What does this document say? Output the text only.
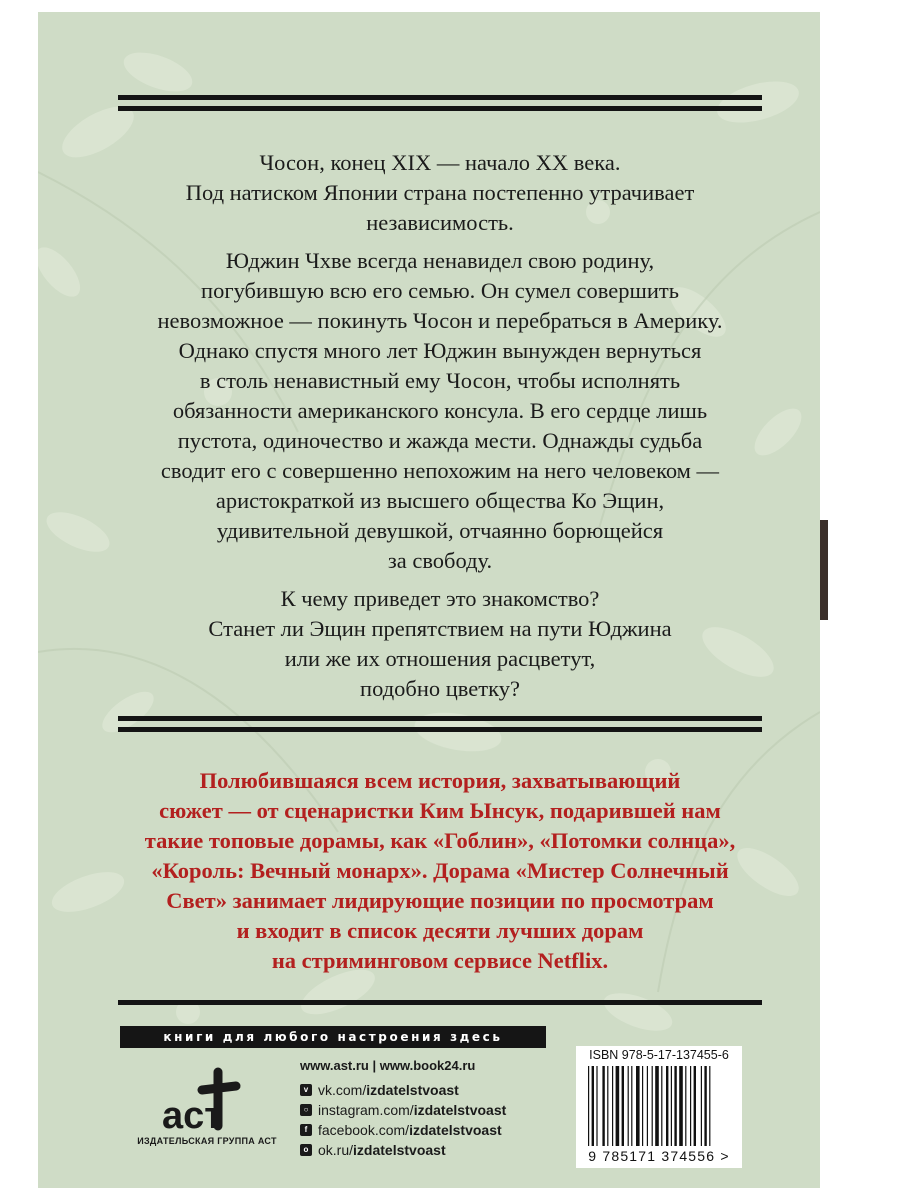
Чосон, конец XIX — начало XX века.
Под натиском Японии страна постепенно утрачивает
независимость.

Юджин Чхве всегда ненавидел свою родину,
погубившую всю его семью. Он сумел совершить
невозможное — покинуть Чосон и перебраться в Америку.
Однако спустя много лет Юджин вынужден вернуться
в столь ненавистный ему Чосон, чтобы исполнять
обязанности американского консула. В его сердце лишь
пустота, одиночество и жажда мести. Однажды судьба
сводит его с совершенно непохожим на него человеком —
аристократкой из высшего общества Ко Эщин,
удивительной девушкой, отчаянно борющейся
за свободу.

К чему приведет это знакомство?
Станет ли Эщин препятствием на пути Юджина
или же их отношения расцветут,
подобно цветку?

Полюбившаяся всем история, захватывающий
сюжет — от сценаристки Ким Ынсук, подарившей нам
такие топовые дорамы, как «Гоблин», «Потомки солнца»,
«Король: Вечный монарх». Дорама «Мистер Солнечный
Свет» занимает лидирующие позиции по просмотрам
и входит в список десяти лучших дорам
на стриминговом сервисе Netflix.
книги для любого настроения здесь
аст
ИЗДАТЕЛЬСКАЯ ГРУППА АСТ
www.ast.ru | www.book24.ru
v vk.com/ izdatelstvoast
○ instagram.com/ izdatelstvoast
f facebook.com/ izdatelstvoast
o ok.ru/ izdatelstvoast
ISBN 978-5-17-137455-6
9 785171 374556 >
